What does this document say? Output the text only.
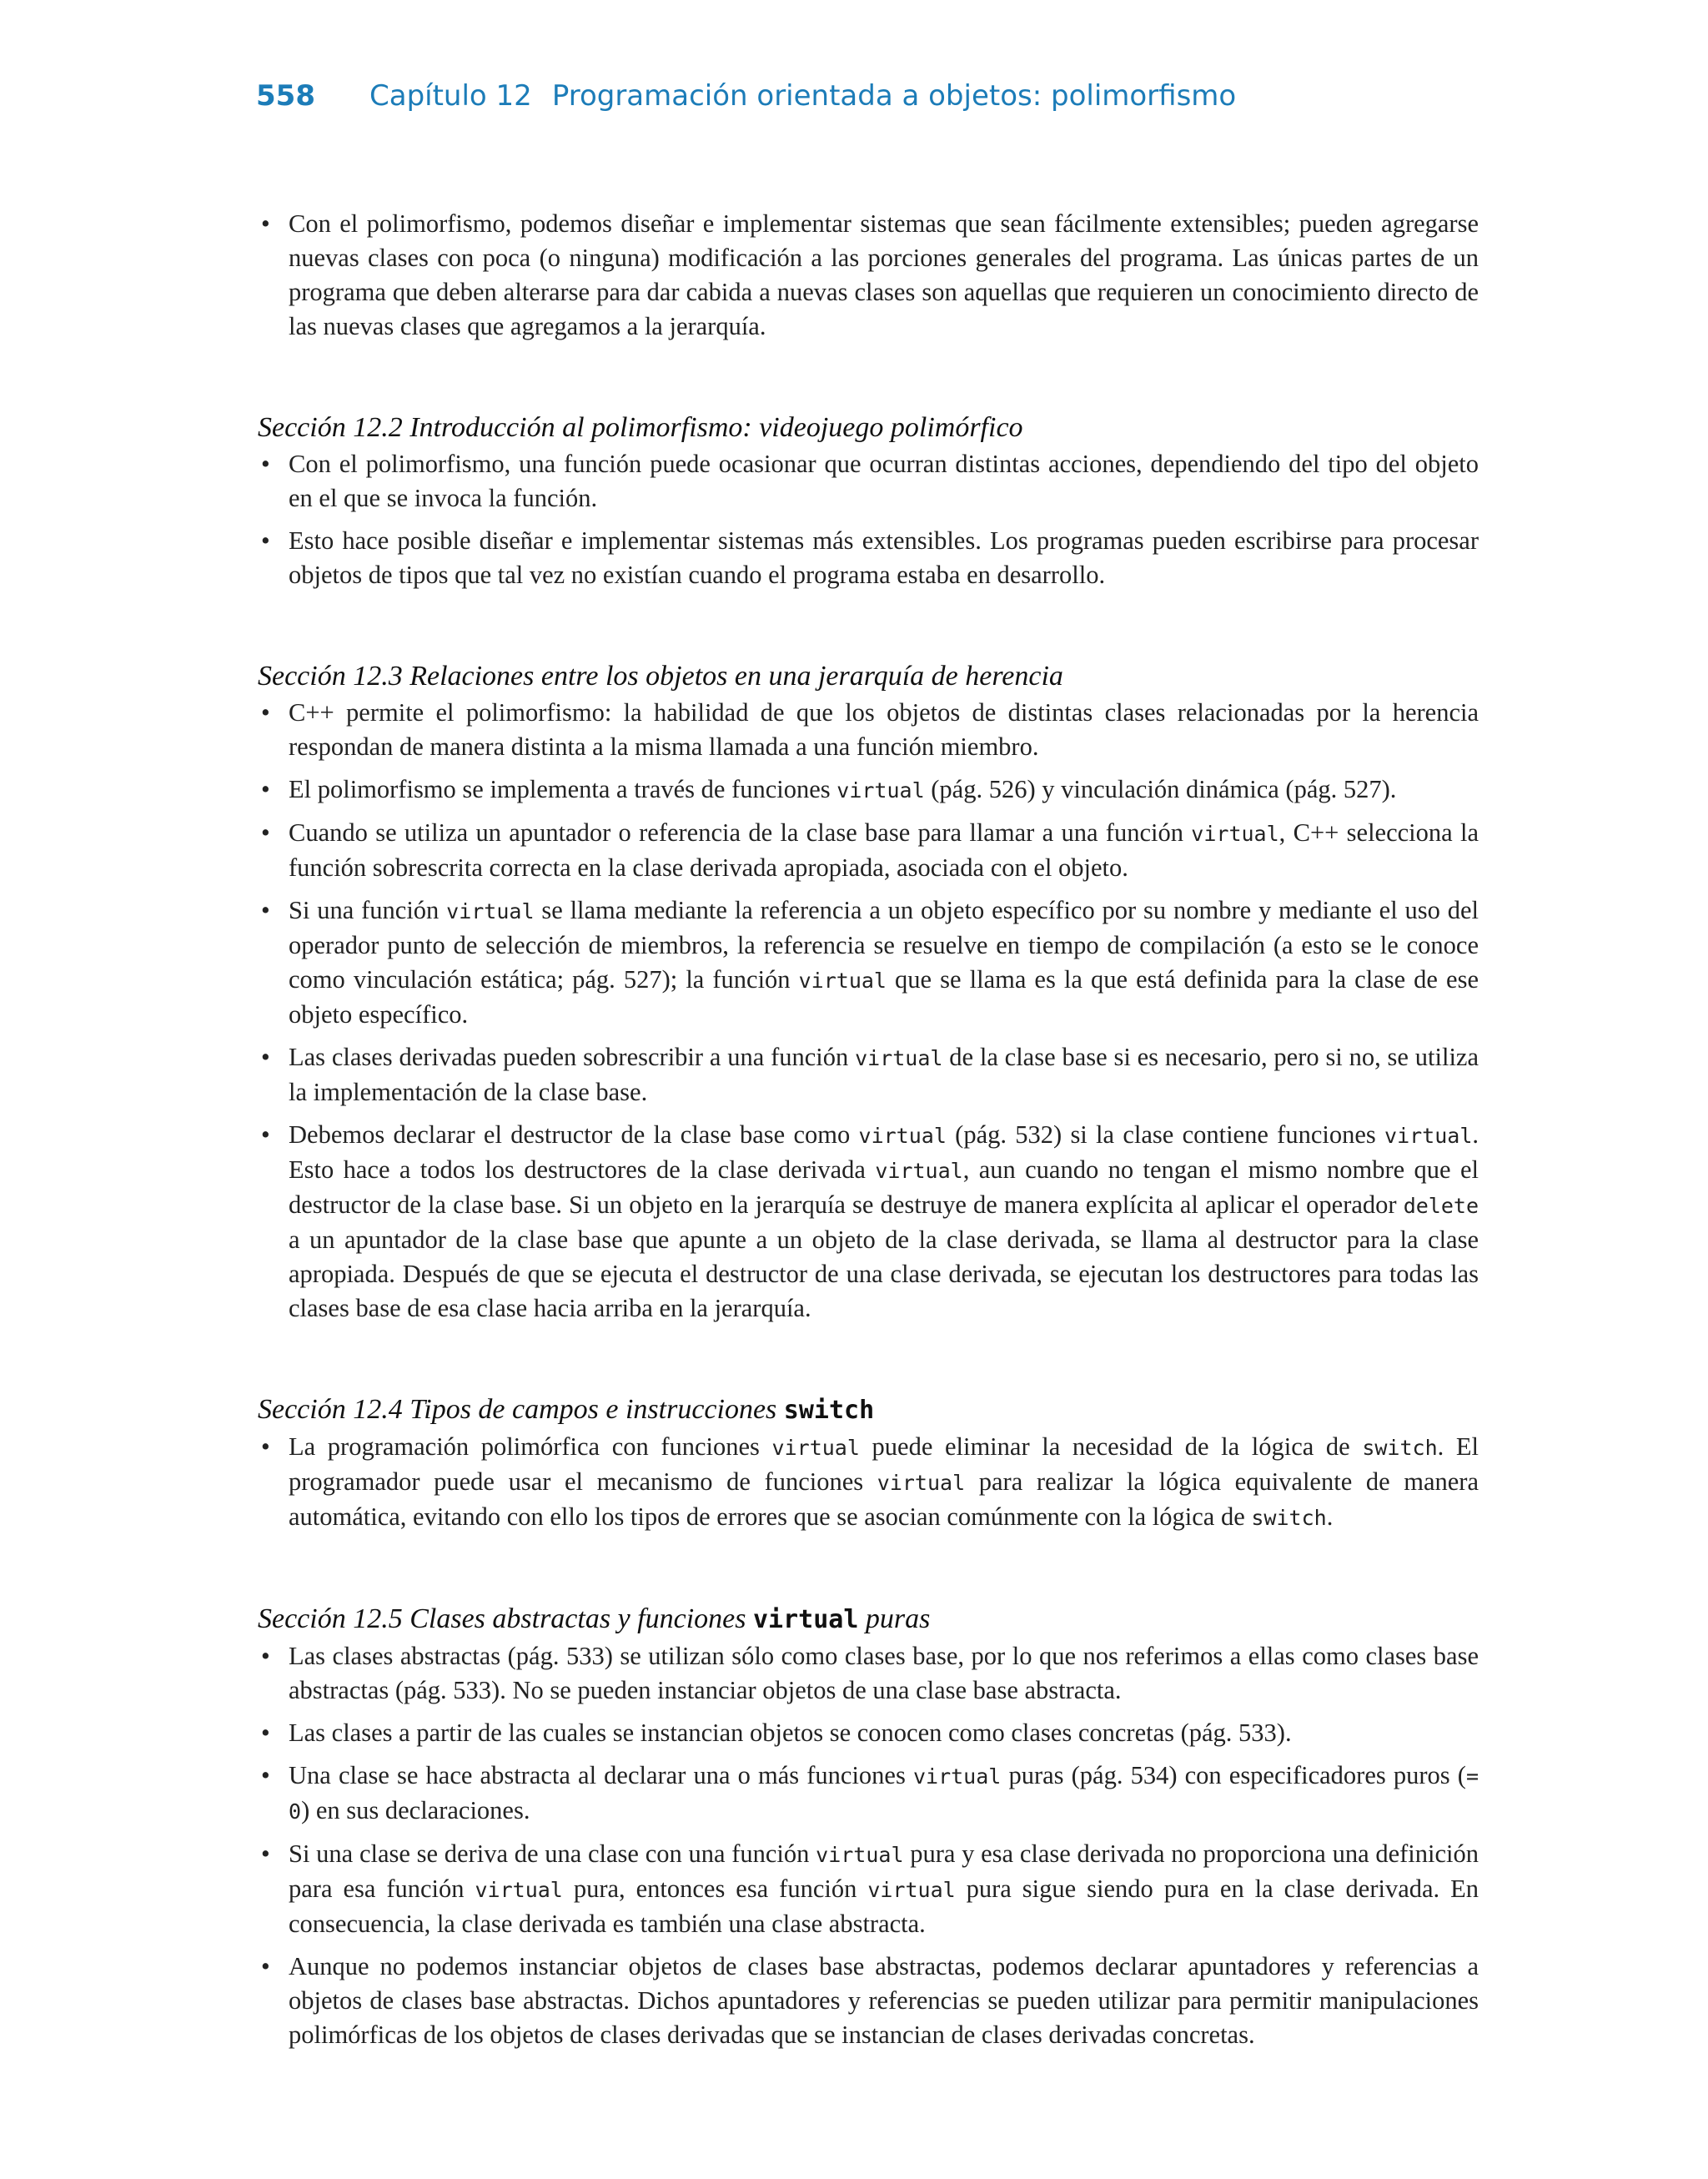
558 Capítulo 12 Programación orientada a objetos: polimorfismo
• Con el polimorfismo, podemos diseñar e implementar sistemas que sean fácilmente extensibles; pueden agregarse nuevas clases con poca (o ninguna) modificación a las porciones generales del programa. Las únicas partes de un programa que deben alterarse para dar cabida a nuevas clases son aquellas que requieren un conocimiento directo de las nuevas clases que agregamos a la jerarquía.
Sección 12.2 Introducción al polimorfismo: videojuego polimórfico
• Con el polimorfismo, una función puede ocasionar que ocurran distintas acciones, dependiendo del tipo del objeto en el que se invoca la función.
• Esto hace posible diseñar e implementar sistemas más extensibles. Los programas pueden escribirse para procesar objetos de tipos que tal vez no existían cuando el programa estaba en desarrollo.
Sección 12.3 Relaciones entre los objetos en una jerarquía de herencia
• C++ permite el polimorfismo: la habilidad de que los objetos de distintas clases relacionadas por la herencia respondan de manera distinta a la misma llamada a una función miembro.
• El polimorfismo se implementa a través de funciones virtual (pág. 526) y vinculación dinámica (pág. 527).
• Cuando se utiliza un apuntador o referencia de la clase base para llamar a una función virtual, C++ selecciona la función sobrescrita correcta en la clase derivada apropiada, asociada con el objeto.
• Si una función virtual se llama mediante la referencia a un objeto específico por su nombre y mediante el uso del operador punto de selección de miembros, la referencia se resuelve en tiempo de compilación (a esto se le conoce como vinculación estática; pág. 527); la función virtual que se llama es la que está definida para la clase de ese objeto específico.
• Las clases derivadas pueden sobrescribir a una función virtual de la clase base si es necesario, pero si no, se utiliza la implementación de la clase base.
• Debemos declarar el destructor de la clase base como virtual (pág. 532) si la clase contiene funciones virtual. Esto hace a todos los destructores de la clase derivada virtual, aun cuando no tengan el mismo nombre que el destructor de la clase base. Si un objeto en la jerarquía se destruye de manera explícita al aplicar el operador delete a un apuntador de la clase base que apunte a un objeto de la clase derivada, se llama al destructor para la clase apropiada. Después de que se ejecuta el destructor de una clase derivada, se ejecutan los destructores para todas las clases base de esa clase hacia arriba en la jerarquía.
Sección 12.4 Tipos de campos e instrucciones switch
• La programación polimórfica con funciones virtual puede eliminar la necesidad de la lógica de switch. El programador puede usar el mecanismo de funciones virtual para realizar la lógica equivalente de manera automática, evitando con ello los tipos de errores que se asocian comúnmente con la lógica de switch.
Sección 12.5 Clases abstractas y funciones virtual puras
• Las clases abstractas (pág. 533) se utilizan sólo como clases base, por lo que nos referimos a ellas como clases base abstractas (pág. 533). No se pueden instanciar objetos de una clase base abstracta.
• Las clases a partir de las cuales se instancian objetos se conocen como clases concretas (pág. 533).
• Una clase se hace abstracta al declarar una o más funciones virtual puras (pág. 534) con especificadores puros (= 0) en sus declaraciones.
• Si una clase se deriva de una clase con una función virtual pura y esa clase derivada no proporciona una definición para esa función virtual pura, entonces esa función virtual pura sigue siendo pura en la clase derivada. En consecuencia, la clase derivada es también una clase abstracta.
• Aunque no podemos instanciar objetos de clases base abstractas, podemos declarar apuntadores y referencias a objetos de clases base abstractas. Dichos apuntadores y referencias se pueden utilizar para permitir manipulaciones polimórficas de los objetos de clases derivadas que se instancian de clases derivadas concretas.
